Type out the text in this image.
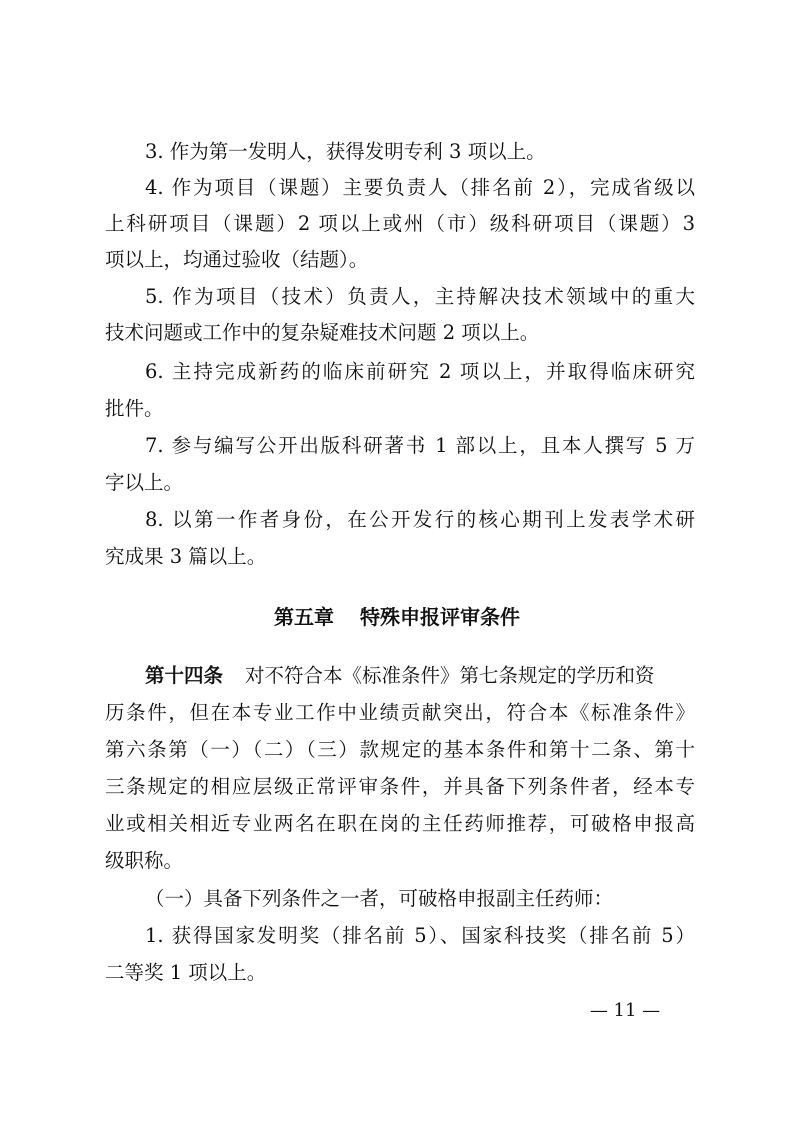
3. 作为第一发明人，获得发明专利 3 项以上。
4. 作为项目（课题）主要负责人（排名前 2），完成省级以
上科研项目（课题）2 项以上或州（市）级科研项目（课题）3
项以上，均通过验收（结题）。
5. 作为项目（技术）负责人，主持解决技术领域中的重大
技术问题或工作中的复杂疑难技术问题 2 项以上。
6. 主持完成新药的临床前研究 2 项以上，并取得临床研究
批件。
7. 参与编写公开出版科研著书 1 部以上，且本人撰写 5 万
字以上。
8. 以第一作者身份，在公开发行的核心期刊上发表学术研
究成果 3 篇以上。
第五章 特殊申报评审条件
第十四条 对不符合本《标准条件》第七条规定的学历和资
历条件，但在本专业工作中业绩贡献突出，符合本《标准条件》
第六条第（一）（二）（三）款规定的基本条件和第十二条、第十
三条规定的相应层级正常评审条件，并具备下列条件者，经本专
业或相关相近专业两名在职在岗的主任药师推荐，可破格申报高
级职称。
（一）具备下列条件之一者，可破格申报副主任药师：
1. 获得国家发明奖（排名前 5）、国家科技奖（排名前 5）
二等奖 1 项以上。
— 11 —
